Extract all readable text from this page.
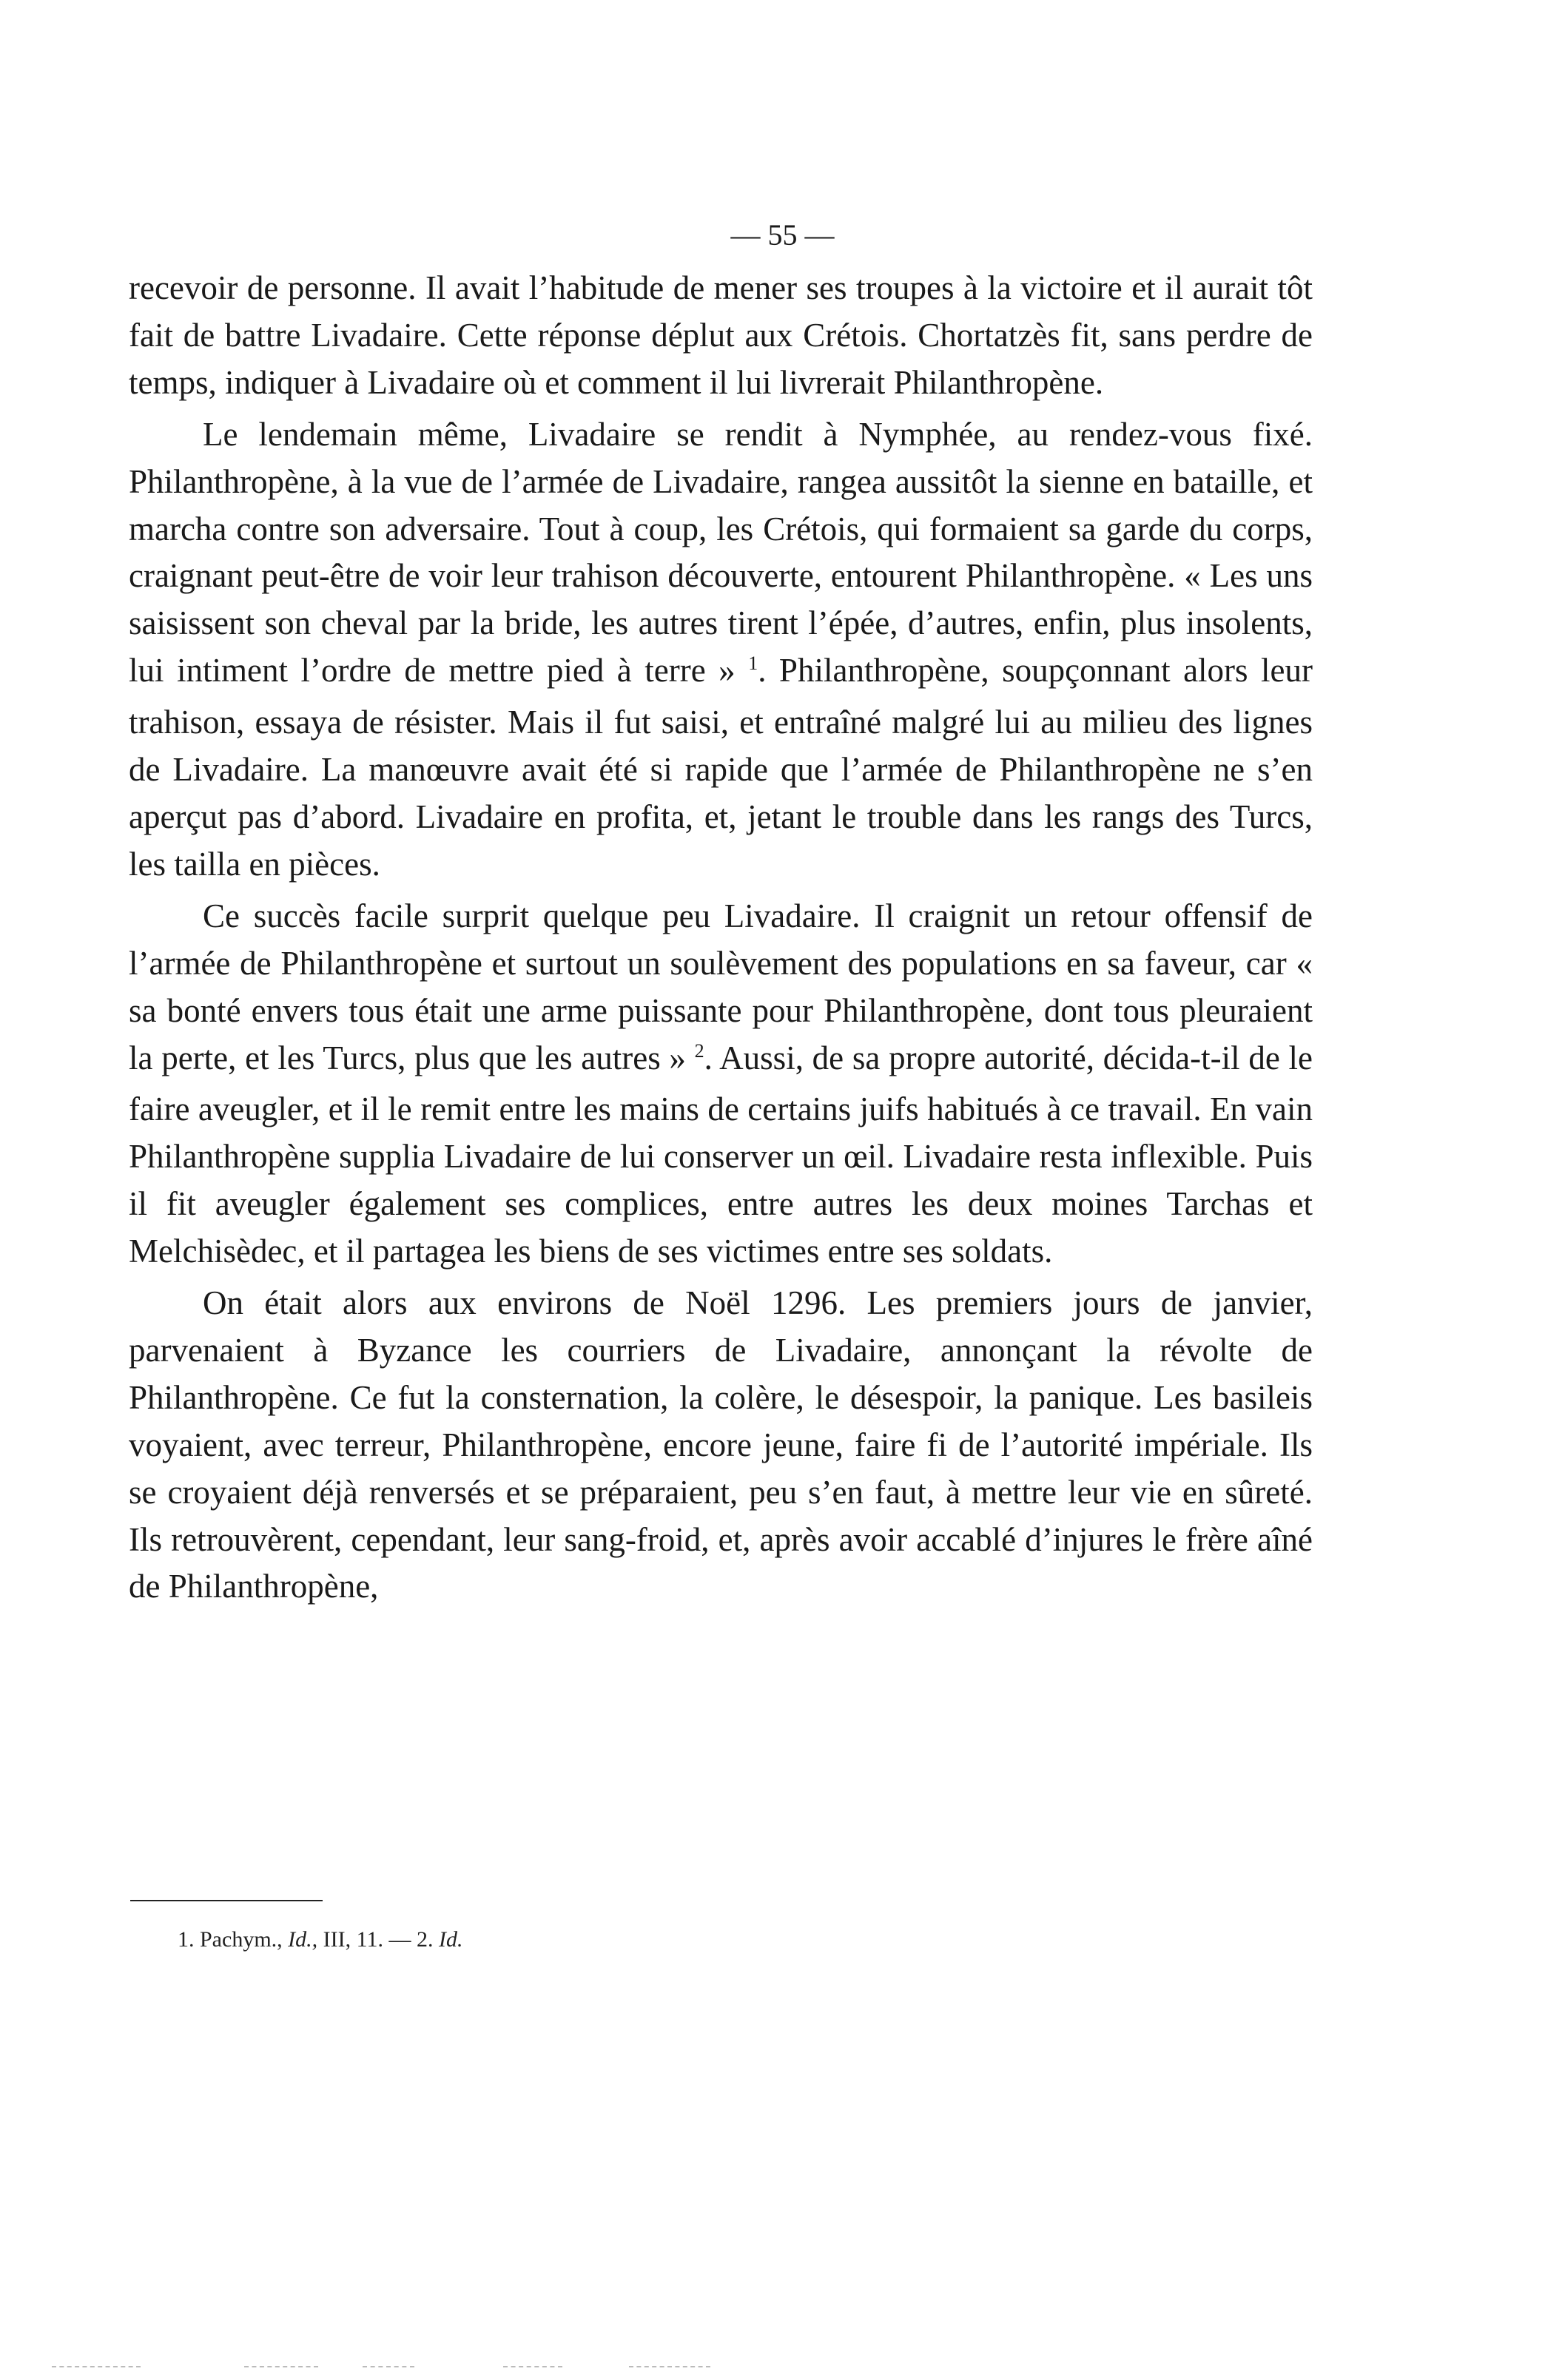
— 55 —

recevoir de personne. Il avait l’habitude de mener ses troupes à la victoire et il aurait tôt fait de battre Livadaire. Cette réponse déplut aux Crétois. Chortatzès fit, sans perdre de temps, indiquer à Livadaire où et comment il lui livrerait Philanthropène.

Le lendemain même, Livadaire se rendit à Nymphée, au rendez-vous fixé. Philanthropène, à la vue de l’armée de Livadaire, rangea aussitôt la sienne en bataille, et marcha contre son adversaire. Tout à coup, les Crétois, qui formaient sa garde du corps, craignant peut-être de voir leur trahison découverte, entourent Philanthropène. « Les uns saisissent son cheval par la bride, les autres tirent l’épée, d’autres, enfin, plus insolents, lui intiment l’ordre de mettre pied à terre » $^1$. Philanthropène, soupçonnant alors leur trahison, essaya de résister. Mais il fut saisi, et entraîné malgré lui au milieu des lignes de Livadaire. La manœuvre avait été si rapide que l’armée de Philanthropène ne s’en aperçut pas d’abord. Livadaire en profita, et, jetant le trouble dans les rangs des Turcs, les tailla en pièces.

Ce succès facile surprit quelque peu Livadaire. Il craignit un retour offensif de l’armée de Philanthropène et surtout un soulèvement des populations en sa faveur, car « sa bonté envers tous était une arme puissante pour Philanthropène, dont tous pleuraient la perte, et les Turcs, plus que les autres » $^2$. Aussi, de sa propre autorité, décida-t-il de le faire aveugler, et il le remit entre les mains de certains juifs habitués à ce travail. En vain Philanthropène supplia Livadaire de lui conserver un œil. Livadaire resta inflexible. Puis il fit aveugler également ses complices, entre autres les deux moines Tarchas et Melchisèdec, et il partagea les biens de ses victimes entre ses soldats.

On était alors aux environs de Noël 1296. Les premiers jours de janvier, parvenaient à Byzance les courriers de Livadaire, annonçant la révolte de Philanthropène. Ce fut la consternation, la colère, le désespoir, la panique. Les basileis voyaient, avec terreur, Philanthropène, encore jeune, faire fi de l’autorité impériale. Ils se croyaient déjà renversés et se préparaient, peu s’en faut, à mettre leur vie en sûreté. Ils retrouvèrent, cependant, leur sang-froid, et, après avoir accablé d’injures le frère aîné de Philanthropène,

1. Pachym., Id., III, 11. — 2. Id.
